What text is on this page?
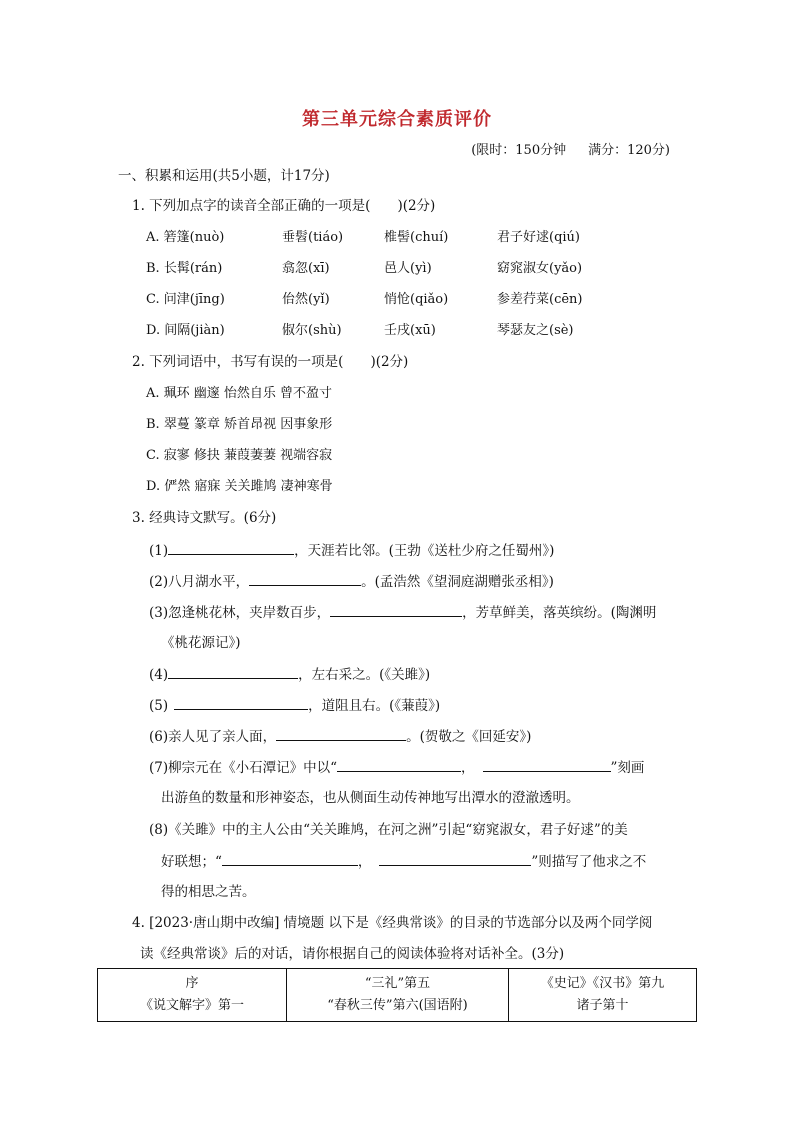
第三单元综合素质评价
(限时：150分钟 满分：120分)
一、积累和运用(共5小题，计17分)
1. 下列加点字的读音全部正确的一项是(　　)(2分)
A. 箬篷(nuò)	垂髫(tiáo)	椎髻(chuí)	君子好逑(qiú)
B. 长髯(rán)	翕忽(xī)	邑人(yì)	窈窕淑女(yǎo)
C. 问津(jīng)	佁然(yǐ)	悄怆(qiǎo)	参差荇菜(cēn)
D. 间隔(jiàn)	俶尔(shù)	壬戌(xū)	琴瑟友之(sè)
2. 下列词语中，书写有误的一项是(　　)(2分)
A. 珮环 幽邃 怡然自乐 曾不盈寸
B. 翠蔓 篆章 矫首昂视 因事象形
C. 寂寥 修抉 蒹葭萋萋 视端容寂
D. 俨然 寤寐 关关雎鸠 凄神寒骨
3. 经典诗文默写。(6分)
(1)	，天涯若比邻。(王勃《送杜少府之任蜀州》)
(2)八月湖水平，	。(孟浩然《望洞庭湖赠张丞相》)
(3)忽逢桃花林，夹岸数百步，	，芳草鲜美，落英缤纷。(陶渊明
《桃花源记》)
(4)	，左右采之。(《关雎》)
(5)	，道阻且右。(《蒹葭》)
(6)亲人见了亲人面，	。(贺敬之《回延安》)
(7)柳宗元在《小石潭记》中以“	，	”刻画
出游鱼的数量和形神姿态，也从侧面生动传神地写出潭水的澄澈透明。
(8)《关雎》中的主人公由“关关雎鸠，在河之洲”引起“窈窕淑女，君子好逑”的美
好联想；“	，	”则描写了他求之不
得的相思之苦。
4. [2023·唐山期中改编] 情境题 以下是《经典常谈》的目录的节选部分以及两个同学阅
读《经典常谈》后的对话，请你根据自己的阅读体验将对话补全。(3分)
序
《说文解字》第一

“三礼”第五
“春秋三传”第六(国语附)

《史记》《汉书》第九
诸子第十
